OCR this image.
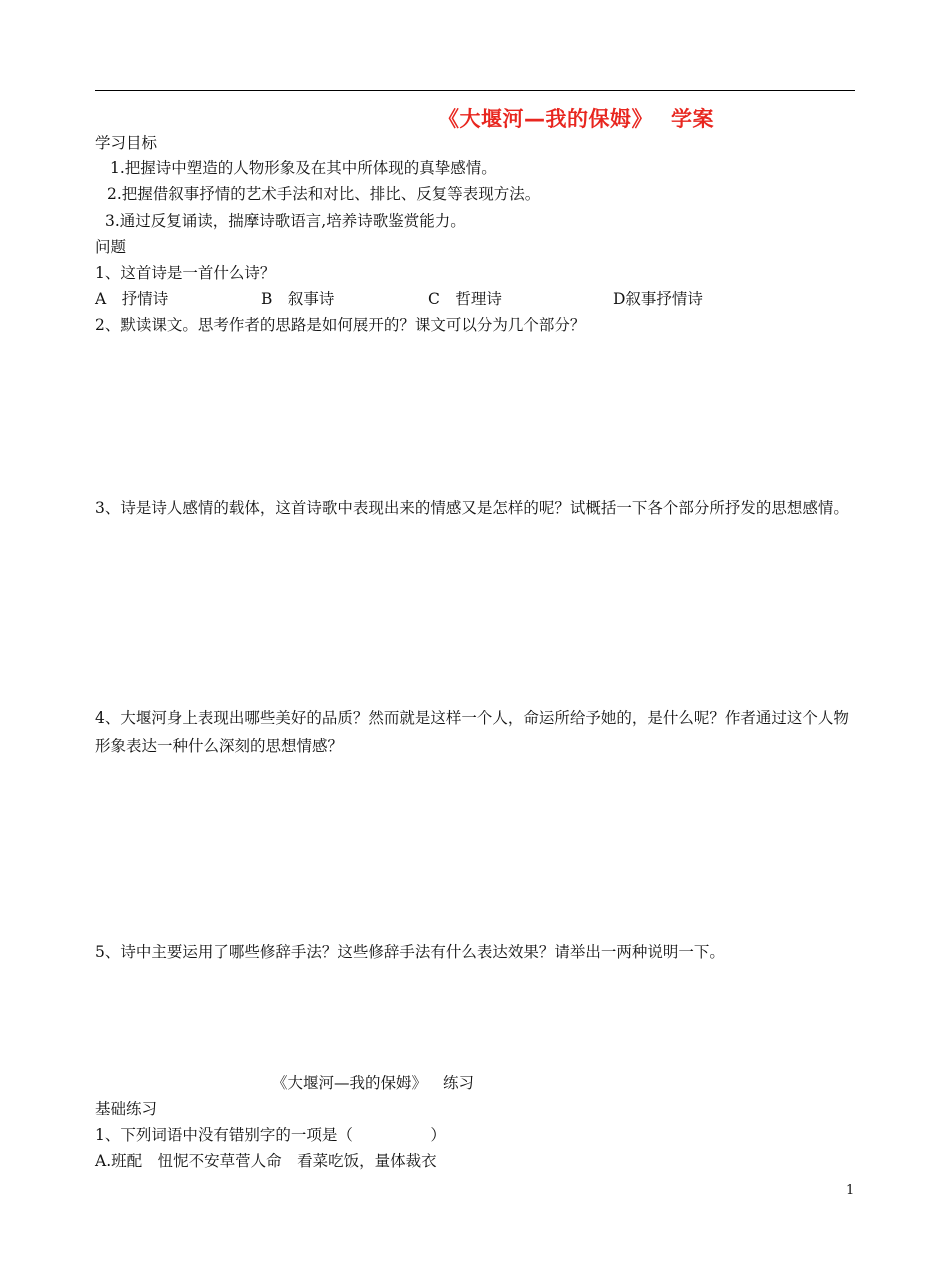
《大堰河—我的保姆》 学案
学习目标
1.把握诗中塑造的人物形象及在其中所体现的真挚感情。
2.把握借叙事抒情的艺术手法和对比、排比、反复等表现方法。
3.通过反复诵读，揣摩诗歌语言,培养诗歌鉴赏能力。
问题
1、这首诗是一首什么诗？
A　抒情诗	B　叙事诗	C　哲理诗	D叙事抒情诗
2、默读课文。思考作者的思路是如何展开的？课文可以分为几个部分？
3、诗是诗人感情的载体，这首诗歌中表现出来的情感又是怎样的呢？试概括一下各个部分所抒发的思想感情。
4、大堰河身上表现出哪些美好的品质？然而就是这样一个人，命运所给予她的，是什么呢？作者通过这个人物形象表达一种什么深刻的思想情感？
5、诗中主要运用了哪些修辞手法？这些修辞手法有什么表达效果？请举出一两种说明一下。
《大堰河—我的保姆》 练习
基础练习
1、下列词语中没有错别字的一项是（　　　　　）
A.班配　忸怩不安草菅人命　看菜吃饭，量体裁衣
1
